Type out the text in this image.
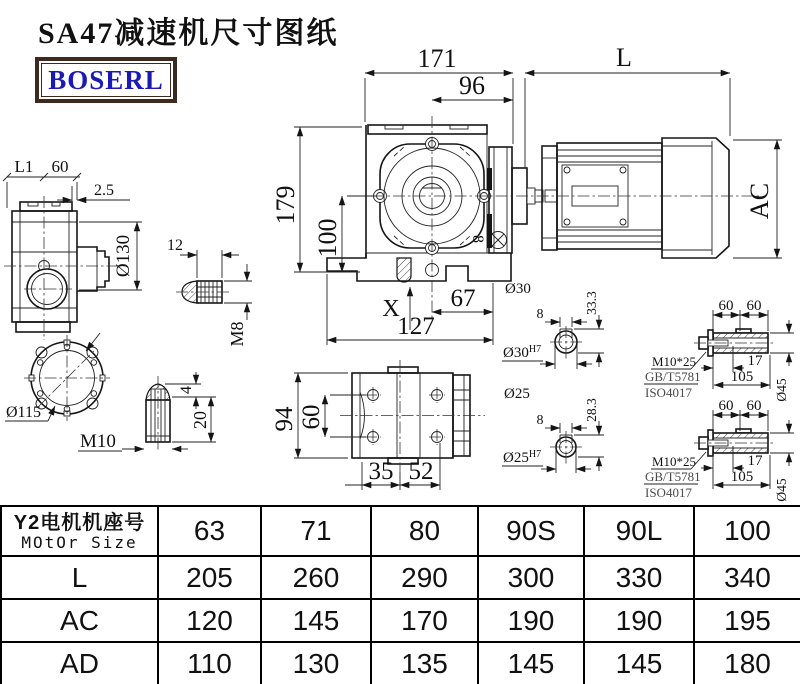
SA47减速机尺寸图纸
BOSERL
8
171
96
L
179
100
AC
67
127
X
Ø30
L1 60
2.5
Ø130 12
M8
Ø115
4
20
M10
94 60
35 52
8	33.3
$Ø30^{H7}$
Ø25
8	28.3
$Ø25^{H7}$
60 60
17
105
Ø45
M10*25
GB/T5781
ISO4017
Y2电机机座号
MOtOr Size	63	71	80	90S	90L	100
L	205	260	290	300	330	340
AC	120	145	170	190	190	195
AD	110	130	135	145	145	180
